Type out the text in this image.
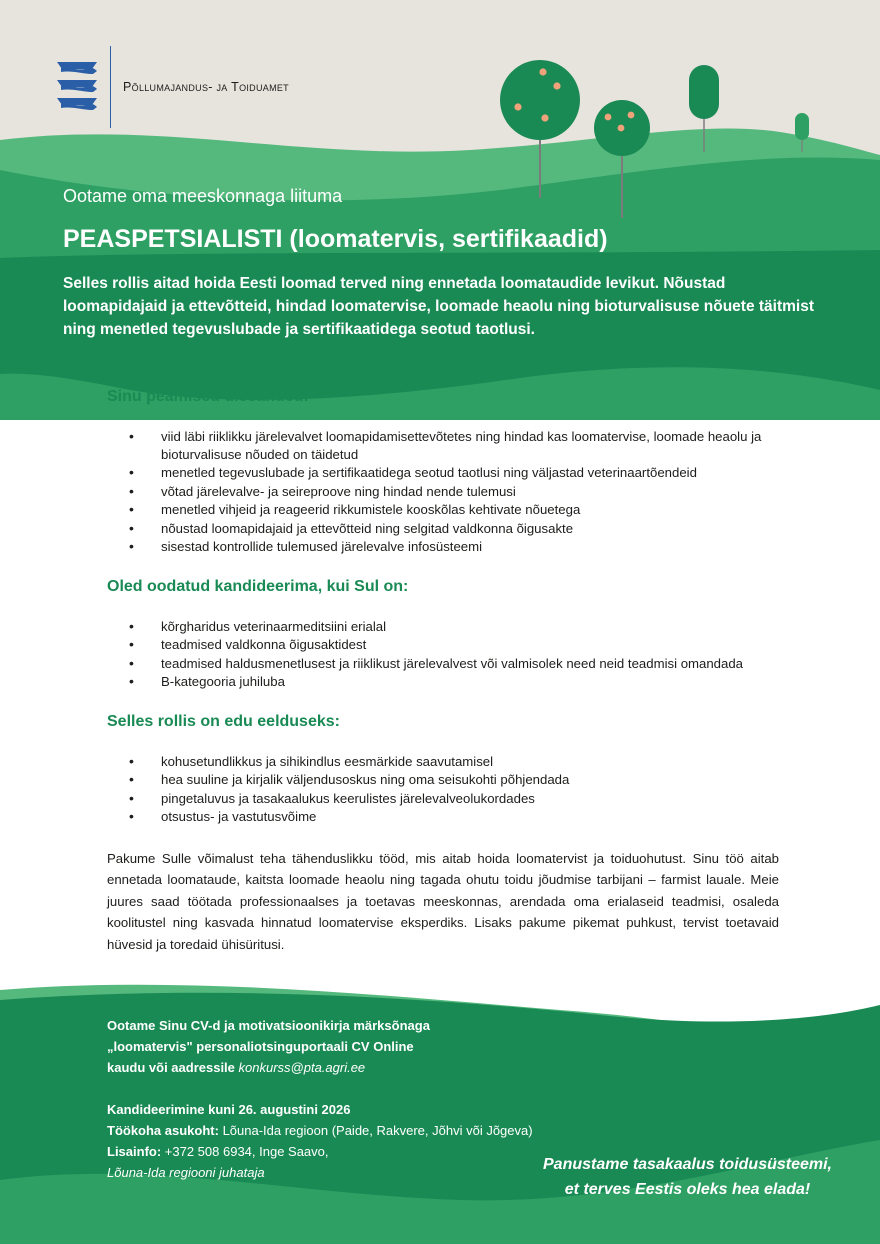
Põllumajandus- ja Toiduamet
Ootame oma meeskonnaga liituma
PEASPETSIALISTI (loomatervis, sertifikaadid)
Selles rollis aitad hoida Eesti loomad terved ning ennetada loomataudide levikut. Nõustad loomapidajaid ja ettevõtteid, hindad loomatervise, loomade heaolu ning bioturvalisuse nõuete täitmist ning menetled tegevuslubade ja sertifikaatidega seotud taotlusi.
Sinu peamised ülesanded:
• viid läbi riiklikku järelevalvet loomapidamisettevõtetes ning hindad kas loomatervise, loomade heaolu ja bioturvalisuse nõuded on täidetud
• menetled tegevuslubade ja sertifikaatidega seotud taotlusi ning väljastad veterinaartõendeid
• võtad järelevalve- ja seireproove ning hindad nende tulemusi
• menetled vihjeid ja reageerid rikkumistele kooskõlas kehtivate nõuetega
• nõustad loomapidajaid ja ettevõtteid ning selgitad valdkonna õigusakte
• sisestad kontrollide tulemused järelevalve infosüsteemi
Oled oodatud kandideerima, kui Sul on:
• kõrgharidus veterinaarmeditsiini erialal
• teadmised valdkonna õigusaktidest
• teadmised haldusmenetlusest ja riiklikust järelevalvest või valmisolek need neid teadmisi omandada
• B-kategooria juhiluba
Selles rollis on edu eelduseks:
• kohusetundlikkus ja sihikindlus eesmärkide saavutamisel
• hea suuline ja kirjalik väljendusoskus ning oma seisukohti põhjendada
• pingetaluvus ja tasakaalukus keerulistes järelevalveolukordades
• otsustus- ja vastutusvõime

Pakume Sulle võimalust teha tähenduslikku tööd, mis aitab hoida loomatervist ja toiduohutust. Sinu töö aitab ennetada loomataude, kaitsta loomade heaolu ning tagada ohutu toidu jõudmise tarbijani – farmist lauale. Meie juures saad töötada professionaalses ja toetavas meeskonnas, arendada oma erialaseid teadmisi, osaleda koolitustel ning kasvada hinnatud loomatervise eksperdiks. Lisaks pakume pikemat puhkust, tervist toetavaid hüvesid ja toredaid ühisüritusi.

Ootame Sinu CV-d ja motivatsioonikirja märksõnaga

„loomatervis" personaliotsinguportaali CV Online

kaudu või aadressile konkurss@pta.agri.ee

Kandideerimine kuni 26. augustini 2026

Töökoha asukoht: Lõuna-Ida regioon (Paide, Rakvere, Jõhvi või Jõgeva)

Lisainfo: +372 508 6934, Inge Saavo,

Lõuna-Ida regiooni juhataja	Panustame tasakaalus toidusüsteemi,
et terves Eestis oleks hea elada!
